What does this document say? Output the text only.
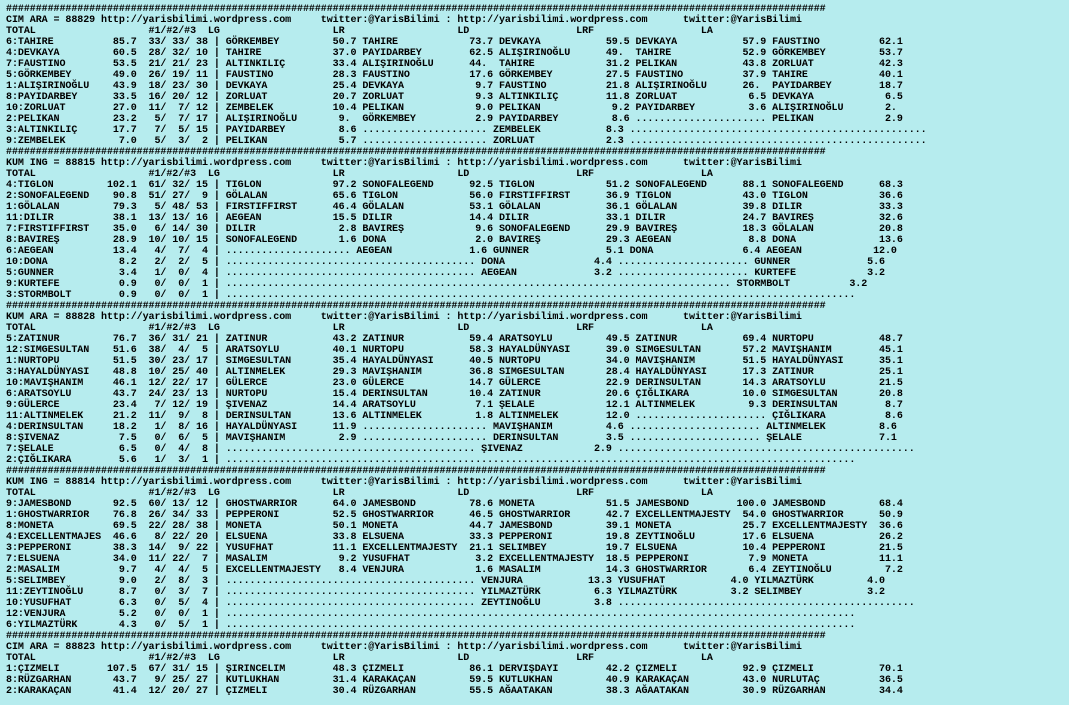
##########################################################################################################################################
CIM ARA = 88829 http://yarisbilimi.wordpress.com     twitter:@YarisBilimi : http://yarisbilimi.wordpress.com      twitter:@YarisBilimi
TOTAL                   #1/#2/#3  LG                   LR                   LD                  LRF                  LA
6:TAHIRE          85.7  33/ 33/ 38 | GÖRKEMBEY         50.7 TAHIRE            73.7 DEVKAYA           59.5 DEVKAYA           57.9 FAUSTINO          62.1
4:DEVKAYA         60.5  28/ 32/ 10 | TAHIRE            37.0 PAYIDARBEY        62.5 ALIŞIRINOĞLU      49.  TAHIRE            52.9 GÖRKEMBEY         53.7
7:FAUSTINO        53.5  21/ 21/ 23 | ALTINKILIÇ        33.4 ALIŞIRINOĞLU      44.  TAHIRE            31.2 PELIKAN           43.8 ZORLUAT           42.3
5:GÖRKEMBEY       49.0  26/ 19/ 11 | FAUSTINO          28.3 FAUSTINO          17.6 GÖRKEMBEY         27.5 FAUSTINO          37.9 TAHIRE            40.1
1:ALIŞIRINOĞLU    43.9  18/ 23/ 30 | DEVKAYA           25.4 DEVKAYA            9.7 FAUSTINO          21.8 ALIŞIRINOĞLU      26.  PAYIDARBEY        18.7
8:PAYIDARBEY      33.5  16/ 20/ 12 | ZORLUAT           20.7 ZORLUAT            9.3 ALTINKILIÇ        11.8 ZORLUAT            6.5 DEVKAYA            6.5
10:ZORLUAT        27.0  11/  7/ 12 | ZEMBELEK          10.4 PELIKAN            9.0 PELIKAN            9.2 PAYIDARBEY         3.6 ALIŞIRINOĞLU       2.
2:PELIKAN         23.2   5/  7/ 17 | ALIŞIRINOĞLU       9.  GÖRKEMBEY          2.9 PAYIDARBEY         8.6 ...................... PELIKAN            2.9
3:ALTINKILIÇ      17.7   7/  5/ 15 | PAYIDARBEY         8.6 ..................... ZEMBELEK           8.3 ..................................................
9:ZEMBELEK         7.0   5/  3/  2 | PELIKAN            5.7 ..................... ZORLUAT            2.3 ..................................................
##########################################################################################################################################
KUM ING = 88815 http://yarisbilimi.wordpress.com     twitter:@YarisBilimi : http://yarisbilimi.wordpress.com      twitter:@YarisBilimi
TOTAL                   #1/#2/#3  LG                   LR                   LD                  LRF                  LA
4:TIGLON         102.1  61/ 32/ 15 | TIGLON            97.2 SONOFALEGEND      92.5 TIGLON            51.2 SONOFALEGEND      88.1 SONOFALEGEND      68.3
2:SONOFALEGEND    90.8  51/ 27/  9 | GÖLALAN           65.6 TIGLON            56.0 FIRSTIFFIRST      36.9 TIGLON            43.0 TIGLON            36.6
1:GÖLALAN         79.3   5/ 48/ 53 | FIRSTIFFIRST      46.4 GÖLALAN           53.1 GÖLALAN           36.1 GÖLALAN           39.8 DILIR             33.3
11:DILIR          38.1  13/ 13/ 16 | AEGEAN            15.5 DILIR             14.4 DILIR             33.1 DILIR             24.7 BAVIREŞ           32.6
7:FIRSTIFFIRST    35.0   6/ 14/ 30 | DILIR              2.8 BAVIREŞ            9.6 SONOFALEGEND      29.9 BAVIREŞ           18.3 GÖLALAN           20.8
8:BAVIREŞ         28.9  10/ 10/ 15 | SONOFALEGEND       1.6 DONA               2.0 BAVIREŞ           29.3 AEGEAN             8.8 DONA              13.6
6:AEGEAN          13.4   4/  7/  4 | ..................... AEGEAN             1.6 GUNNER             5.1 DONA               6.4 AEGEAN            12.0
10:DONA            8.2   2/  2/  5 | .......................................... DONA               4.4 ...................... GUNNER             5.6
5:GUNNER           3.4   1/  0/  4 | .......................................... AEGEAN             3.2 ...................... KURTEFE            3.2
9:KURTEFE          0.9   0/  0/  1 | ..................................................................................... STORMBOLT          3.2
3:STORMBOLT        0.9   0/  0/  1 | ..........................................................................................................
##########################################################################################################################################
KUM ARA = 88828 http://yarisbilimi.wordpress.com     twitter:@YarisBilimi : http://yarisbilimi.wordpress.com      twitter:@YarisBilimi
TOTAL                   #1/#2/#3  LG                   LR                   LD                  LRF                  LA
5:ZATINUR         76.7  36/ 31/ 21 | ZATINUR           43.2 ZATINUR           59.4 ARATSOYLU         49.5 ZATINUR           69.4 NURTOPU           48.7
12:SIMGESULTAN    51.6  38/  4/  5 | ARATSOYLU         40.1 NURTOPU           58.3 HAYALDÜNYASI      39.0 SIMGESULTAN       57.2 MAVIŞHANIM        45.1
1:NURTOPU         51.5  30/ 23/ 17 | SIMGESULTAN       35.4 HAYALDÜNYASI      40.5 NURTOPU           34.0 MAVIŞHANIM        51.5 HAYALDÜNYASI      35.1
3:HAYALDÜNYASI    48.8  10/ 25/ 40 | ALTINMELEK        29.3 MAVIŞHANIM        36.8 SIMGESULTAN       28.4 HAYALDÜNYASI      17.3 ZATINUR           25.1
10:MAVIŞHANIM     46.1  12/ 22/ 17 | GÜLERCE           23.0 GÜLERCE           14.7 GÜLERCE           22.9 DERINSULTAN       14.3 ARATSOYLU         21.5
6:ARATSOYLU       43.7  24/ 23/ 13 | NURTOPU           15.4 DERINSULTAN       10.4 ZATINUR           20.6 ÇIĞLIKARA         10.0 SIMGESULTAN       20.8
9:GÜLERCE         23.4   7/ 12/ 19 | ŞIVENAZ           14.4 ARATSOYLU          7.1 ŞELALE            12.1 ALTINMELEK         9.3 DERINSULTAN        8.7
11:ALTINMELEK     21.2  11/  9/  8 | DERINSULTAN       13.6 ALTINMELEK         1.8 ALTINMELEK        12.0 ...................... ÇIĞLIKARA          8.6
4:DERINSULTAN     18.2   1/  8/ 16 | HAYALDÜNYASI      11.9 ..................... MAVIŞHANIM         4.6 ...................... ALTINMELEK         8.6
8:ŞIVENAZ          7.5   0/  6/  5 | MAVIŞHANIM         2.9 ..................... DERINSULTAN        3.5 ...................... ŞELALE             7.1
7:ŞELALE           6.5   0/  4/  8 | .......................................... ŞIVENAZ            2.9 ..................................................
2:ÇIĞLIKARA        5.6   1/  3/  1 | ..........................................................................................................
##########################################################################################################################################
KUM ING = 88814 http://yarisbilimi.wordpress.com     twitter:@YarisBilimi : http://yarisbilimi.wordpress.com      twitter:@YarisBilimi
TOTAL                   #1/#2/#3  LG                   LR                   LD                  LRF                  LA
9:JAMESBOND       92.5  60/ 13/ 12 | GHOSTWARRIOR      64.0 JAMESBOND         78.6 MONETA            51.5 JAMESBOND        100.0 JAMESBOND         68.4
1:GHOSTWARRIOR    76.8  26/ 34/ 33 | PEPPERONI         52.5 GHOSTWARRIOR      46.5 GHOSTWARRIOR      42.7 EXCELLENTMAJESTY  54.0 GHOSTWARRIOR      50.9
8:MONETA          69.5  22/ 28/ 38 | MONETA            50.1 MONETA            44.7 JAMESBOND         39.1 MONETA            25.7 EXCELLENTMAJESTY  36.6
4:EXCELLENTMAJES  46.6   8/ 22/ 20 | ELSUENA           33.8 ELSUENA           33.3 PEPPERONI         19.8 ZEYTINOĞLU        17.6 ELSUENA           26.2
3:PEPPERONI       38.3  14/  9/ 22 | YUSUFHAT          11.1 EXCELLENTMAJESTY  21.1 SELIMBEY          19.7 ELSUENA           10.4 PEPPERONI         21.5
7:ELSUENA         34.0  11/ 22/  7 | MASALIM            9.2 YUSUFHAT           3.2 EXCELLENTMAJESTY  18.5 PEPPERONI          7.9 MONETA            11.1
2:MASALIM          9.7   4/  4/  5 | EXCELLENTMAJESTY   8.4 VENJURA            1.6 MASALIM           14.3 GHOSTWARRIOR       6.4 ZEYTINOĞLU         7.2
5:SELIMBEY         9.0   2/  8/  3 | .......................................... VENJURA           13.3 YUSUFHAT           4.0 YILMAZTÜRK         4.0
11:ZEYTINOĞLU      8.7   0/  3/  7 | .......................................... YILMAZTÜRK         6.3 YILMAZTÜRK         3.2 SELIMBEY           3.2
10:YUSUFHAT        6.3   0/  5/  4 | .......................................... ZEYTINOĞLU         3.8 ..................................................
12:VENJURA         5.2   0/  0/  1 | ..........................................................................................................
6:YILMAZTÜRK       4.3   0/  5/  1 | ..........................................................................................................
##########################################################################################################################################
CIM ARA = 88823 http://yarisbilimi.wordpress.com     twitter:@YarisBilimi : http://yarisbilimi.wordpress.com      twitter:@YarisBilimi
TOTAL                   #1/#2/#3  LG                   LR                   LD                  LRF                  LA
1:ÇIZMELI        107.5  67/ 31/ 15 | ŞIRINCELIM        48.3 ÇIZMELI           86.1 DERVIŞDAYI        42.2 ÇIZMELI           92.9 ÇIZMELI           70.1
8:RÜZGARHAN       43.7   9/ 25/ 27 | KUTLUKHAN         31.4 KARAKAÇAN         59.5 KUTLUKHAN         40.9 KARAKAÇAN         43.0 NURLUTAÇ          36.5
2:KARAKAÇAN       41.4  12/ 20/ 27 | ÇIZMELI           30.4 RÜZGARHAN         55.5 AĞAATAKAN         38.3 AĞAATAKAN         30.9 RÜZGARHAN         34.4
